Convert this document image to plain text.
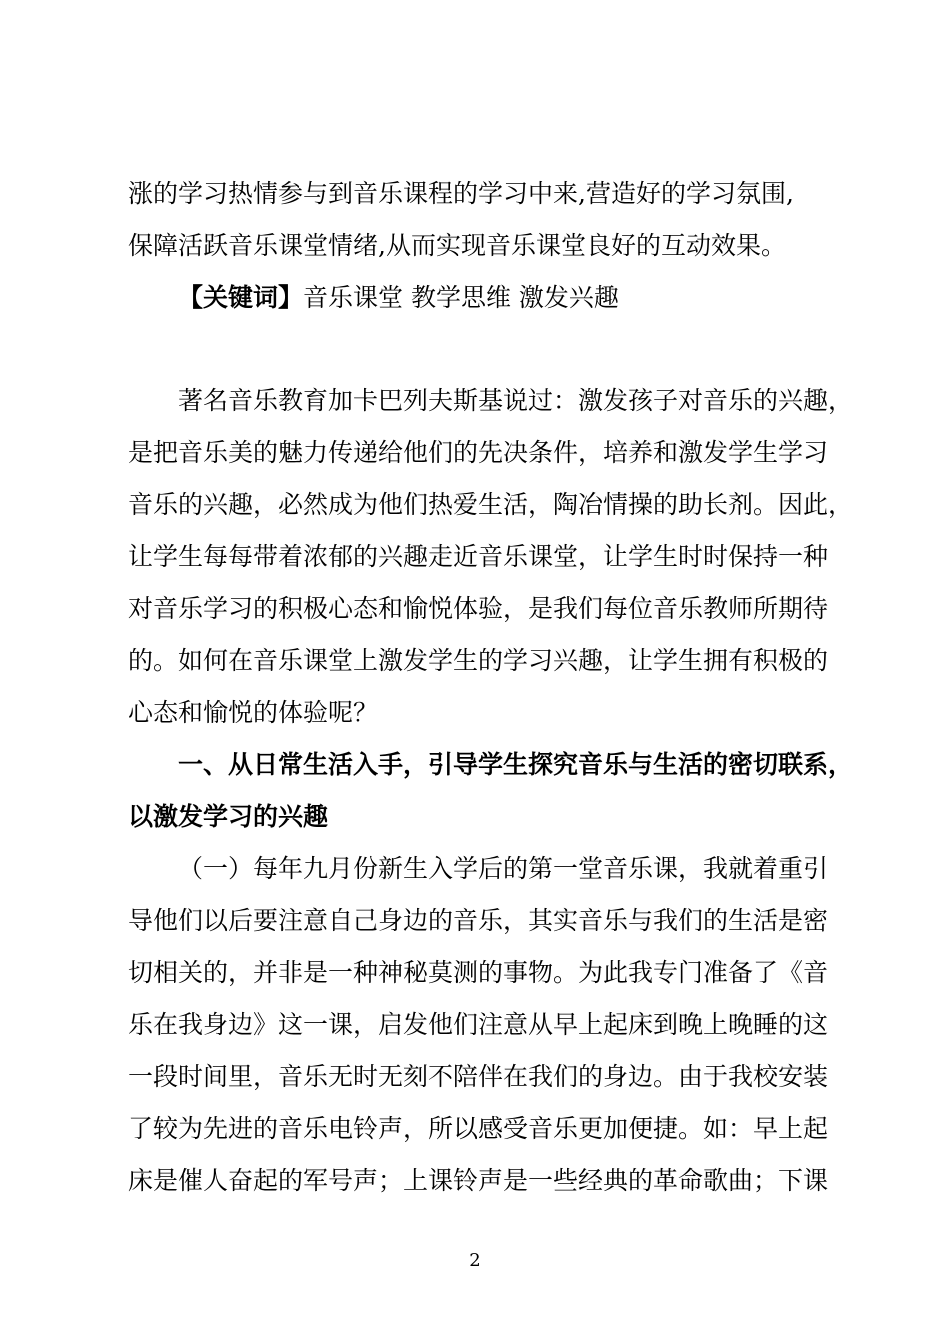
涨的学习热情参与到音乐课程的学习中来,营造好的学习氛围,
保障活跃音乐课堂情绪,从而实现音乐课堂良好的互动效果。
【关键词】音乐课堂 教学思维 激发兴趣
著名音乐教育加卡巴列夫斯基说过：激发孩子对音乐的兴趣，
是把音乐美的魅力传递给他们的先决条件，培养和激发学生学习
音乐的兴趣，必然成为他们热爱生活，陶冶情操的助长剂。因此，
让学生每每带着浓郁的兴趣走近音乐课堂，让学生时时保持一种
对音乐学习的积极心态和愉悦体验，是我们每位音乐教师所期待
的。如何在音乐课堂上激发学生的学习兴趣，让学生拥有积极的
心态和愉悦的体验呢？
一、从日常生活入手，引导学生探究音乐与生活的密切联系，
以激发学习的兴趣
（一）每年九月份新生入学后的第一堂音乐课，我就着重引
导他们以后要注意自己身边的音乐，其实音乐与我们的生活是密
切相关的，并非是一种神秘莫测的事物。为此我专门准备了《音
乐在我身边》这一课，启发他们注意从早上起床到晚上晚睡的这
一段时间里，音乐无时无刻不陪伴在我们的身边。由于我校安装
了较为先进的音乐电铃声，所以感受音乐更加便捷。如：早上起
床是催人奋起的军号声；上课铃声是一些经典的革命歌曲；下课
2
